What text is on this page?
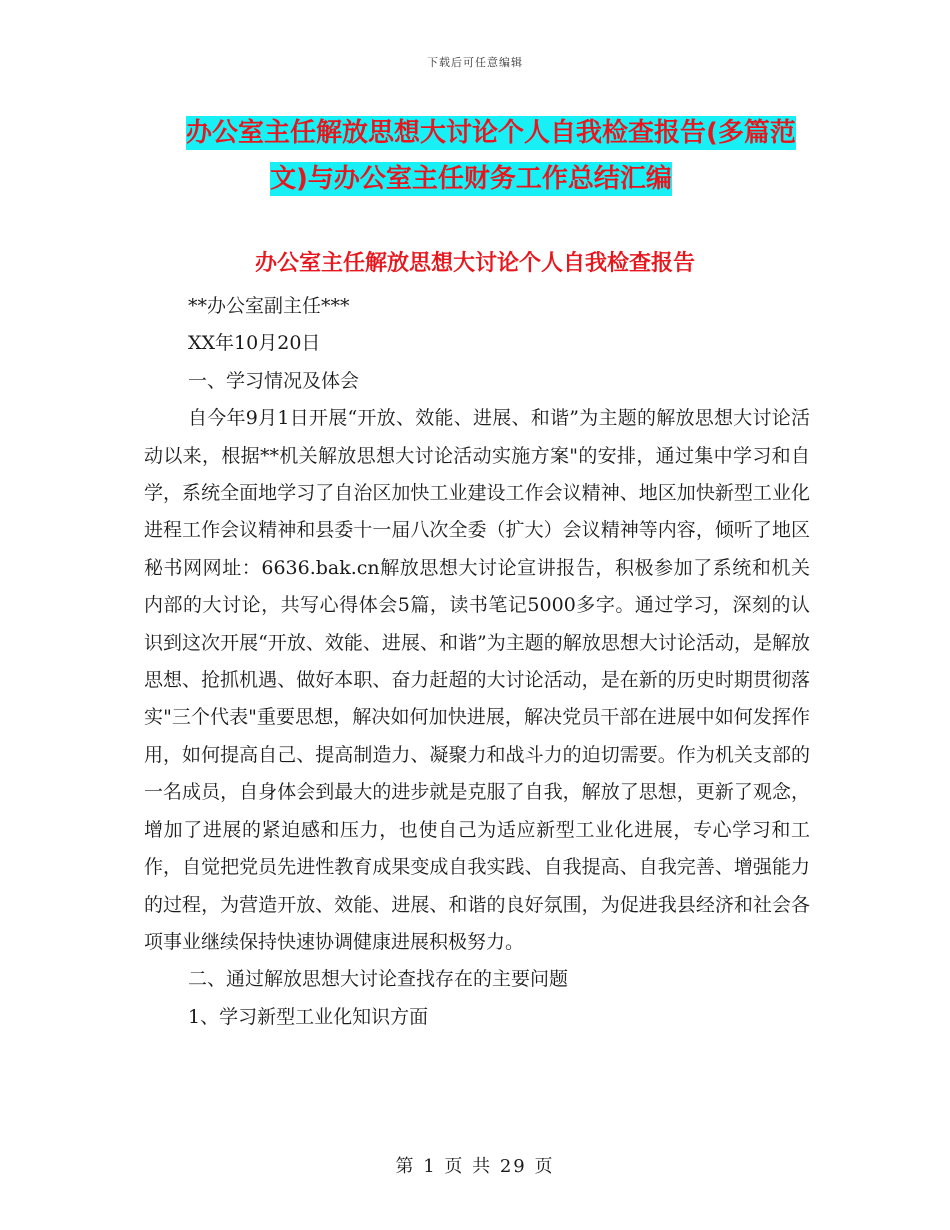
下载后可任意编辑
办公室主任解放思想大讨论个人自我检查报告(多篇范
文)与办公室主任财务工作总结汇编
办公室主任解放思想大讨论个人自我检查报告

**办公室副主任***

XX年10月20日

一、学习情况及体会

自今年9月1日开展“开放、效能、进展、和谐”为主题的解放思想大讨论活动以来，根据**机关解放思想大讨论活动实施方案"的安排，通过集中学习和自学，系统全面地学习了自治区加快工业建设工作会议精神、地区加快新型工业化进程工作会议精神和县委十一届八次全委（扩大）会议精神等内容，倾听了地区秘书网网址：6636.bak.cn解放思想大讨论宣讲报告，积极参加了系统和机关内部的大讨论，共写心得体会5篇，读书笔记5000多字。通过学习，深刻的认识到这次开展“开放、效能、进展、和谐”为主题的解放思想大讨论活动，是解放思想、抢抓机遇、做好本职、奋力赶超的大讨论活动，是在新的历史时期贯彻落实"三个代表"重要思想，解决如何加快进展，解决党员干部在进展中如何发挥作用，如何提高自己、提高制造力、凝聚力和战斗力的迫切需要。作为机关支部的一名成员，自身体会到最大的进步就是克服了自我，解放了思想，更新了观念，增加了进展的紧迫感和压力，也使自己为适应新型工业化进展，专心学习和工作，自觉把党员先进性教育成果变成自我实践、自我提高、自我完善、增强能力的过程，为营造开放、效能、进展、和谐的良好氛围，为促进我县经济和社会各项事业继续保持快速协调健康进展积极努力。

二、通过解放思想大讨论查找存在的主要问题

1、学习新型工业化知识方面

第 1 页 共 29 页
